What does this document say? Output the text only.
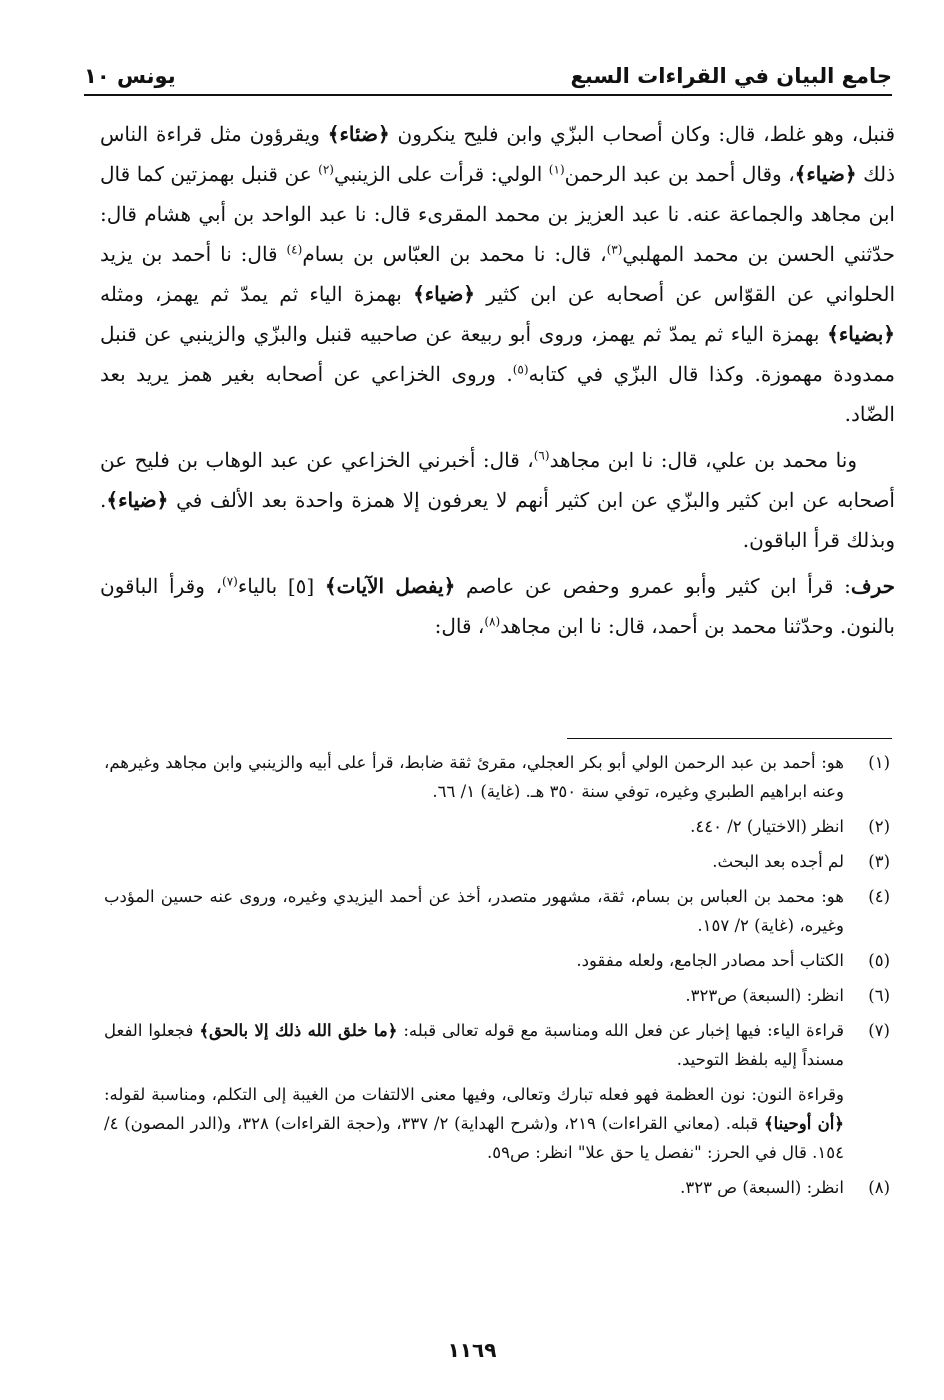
جامع البيان في القراءات السبع
يونس ١٠

قنبل، وهو غلط، قال: وكان أصحاب البزّي وابن فليح ينكرون ﴿ضئاء﴾ ويقرؤون مثل قراءة الناس ذلك ﴿ضياء﴾، وقال أحمد بن عبد الرحمن$^{(١)}$ الولي: قرأت على الزينبي$^{(٢)}$ عن قنبل بهمزتين كما قال ابن مجاهد والجماعة عنه. نا عبد العزيز بن محمد المقرىء قال: نا عبد الواحد بن أبي هشام قال: حدّثني الحسن بن محمد المهلبي$^{(٣)}$، قال: نا محمد بن العبّاس بن بسام$^{(٤)}$ قال: نا أحمد بن يزيد الحلواني عن القوّاس عن أصحابه عن ابن كثير ﴿ضياء﴾ بهمزة الياء ثم يمدّ ثم يهمز، ومثله ﴿بضياء﴾ بهمزة الياء ثم يمدّ ثم يهمز، وروى أبو ربيعة عن صاحبيه قنبل والبزّي والزينبي عن قنبل ممدودة مهموزة. وكذا قال البزّي في كتابه$^{(٥)}$. وروى الخزاعي عن أصحابه بغير همز يريد بعد الضّاد.

ونا محمد بن علي، قال: نا ابن مجاهد$^{(٦)}$، قال: أخبرني الخزاعي عن عبد الوهاب بن فليح عن أصحابه عن ابن كثير والبزّي عن ابن كثير أنهم لا يعرفون إلا همزة واحدة بعد الألف في ﴿ضياء﴾. وبذلك قرأ الباقون.

حرف: قرأ ابن كثير وأبو عمرو وحفص عن عاصم ﴿يفصل الآيات﴾ [٥] بالياء$^{(٧)}$، وقرأ الباقون بالنون. وحدّثنا محمد بن أحمد، قال: نا ابن مجاهد$^{(٨)}$، قال:

(١)هو: أحمد بن عبد الرحمن الولي أبو بكر العجلي، مقرئ ثقة ضابط، قرأ على أبيه والزينبي وابن مجاهد وغيرهم، وعنه ابراهيم الطبري وغيره، توفي سنة ٣٥٠ هـ. (غاية) ١/ ٦٦.

(٢)انظر (الاختيار) ٢/ ٤٤٠.

(٣)لم أجده بعد البحث.

(٤)هو: محمد بن العباس بن بسام، ثقة، مشهور متصدر، أخذ عن أحمد اليزيدي وغيره، وروى عنه حسين المؤدب وغيره، (غاية) ٢/ ١٥٧.

(٥)الكتاب أحد مصادر الجامع، ولعله مفقود.

(٦)انظر: (السبعة) ص٣٢٣.

(٧)قراءة الياء: فيها إخبار عن فعل الله ومناسبة مع قوله تعالى قبله: ﴿ما خلق الله ذلك إلا بالحق﴾ فجعلوا الفعل مسنداً إليه بلفظ التوحيد.

وقراءة النون: نون العظمة فهو فعله تبارك وتعالى، وفيها معنى الالتفات من الغيبة إلى التكلم، ومناسبة لقوله: ﴿أن أوحينا﴾ قبله. (معاني القراءات) ٢١٩، و(شرح الهداية) ٢/ ٣٣٧، و(حجة القراءات) ٣٢٨، و(الدر المصون) ٤/ ١٥٤. قال في الحرز: "نفصل يا حق علا" انظر: ص٥٩.

(٨)انظر: (السبعة) ص ٣٢٣.

١١٦٩
